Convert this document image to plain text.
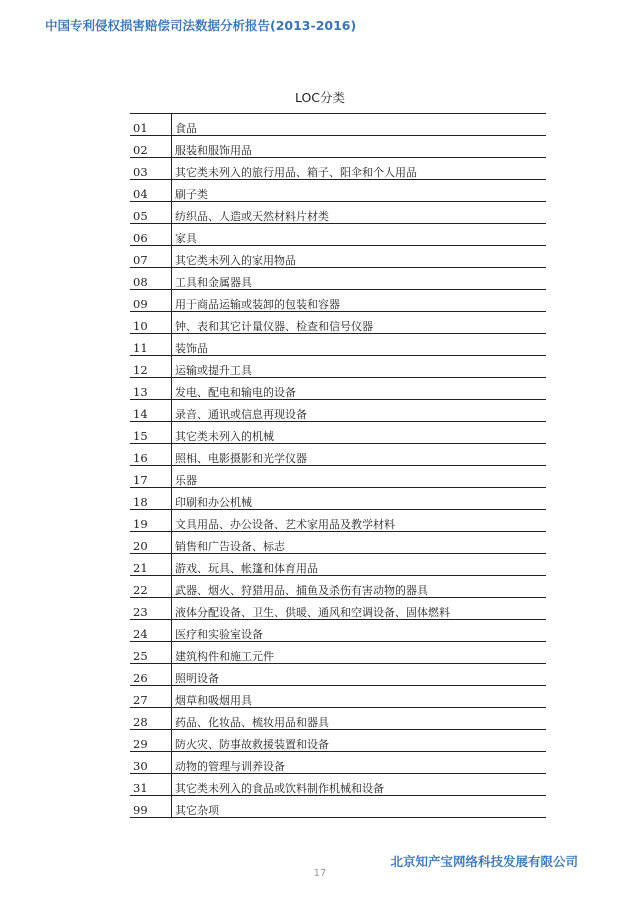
中国专利侵权损害赔偿司法数据分析报告(2013-2016)
LOC分类
01	食品
02	服装和服饰用品
03	其它类未列入的旅行用品、箱子、阳伞和个人用品
04	刷子类
05	纺织品、人造或天然材料片材类
06	家具
07	其它类未列入的家用物品
08	工具和金属器具
09	用于商品运输或装卸的包装和容器
10	钟、表和其它计量仪器、检查和信号仪器
11	装饰品
12	运输或提升工具
13	发电、配电和输电的设备
14	录音、通讯或信息再现设备
15	其它类未列入的机械
16	照相、电影摄影和光学仪器
17	乐器
18	印刷和办公机械
19	文具用品、办公设备、艺术家用品及教学材料
20	销售和广告设备、标志
21	游戏、玩具、帐篷和体育用品
22	武器、烟火、狩猎用品、捕鱼及杀伤有害动物的器具
23	液体分配设备、卫生、供暖、通风和空调设备、固体燃料
24	医疗和实验室设备
25	建筑构件和施工元件
26	照明设备
27	烟草和吸烟用具
28	药品、化妆品、梳妆用品和器具
29	防火灾、防事故救援装置和设备
30	动物的管理与训养设备
31	其它类未列入的食品或饮料制作机械和设备
99	其它杂项
北京知产宝网络科技发展有限公司
17
